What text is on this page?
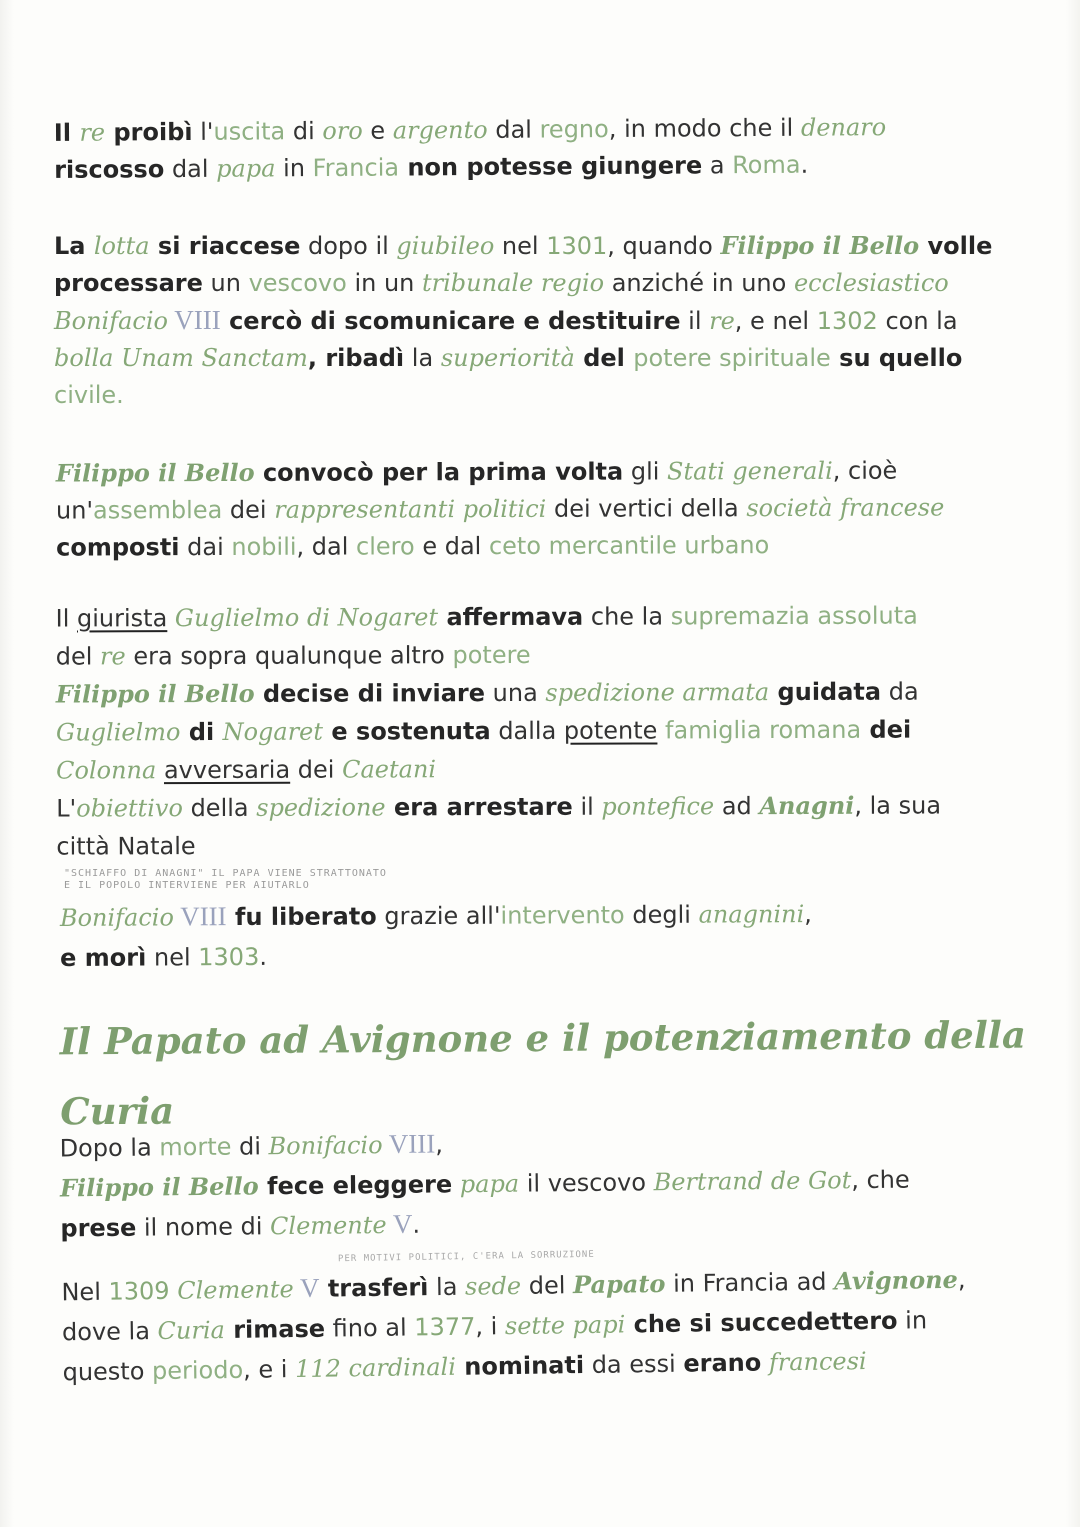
Il re proibì l'uscita di oro e argento dal regno, in modo che il denaro
riscosso dal papa in Francia non potesse giungere a Roma.
La lotta si riaccese dopo il giubileo nel 1301, quando Filippo il Bello volle
processare un vescovo in un tribunale regio anziché in uno ecclesiastico
Bonifacio VIII cercò di scomunicare e destituire il re, e nel 1302 con la
bolla Unam Sanctam, ribadì la superiorità del potere spirituale su quello
civile.
Filippo il Bello convocò per la prima volta gli Stati generali, cioè
un'assemblea dei rappresentanti politici dei vertici della società francese
composti dai nobili, dal clero e dal ceto mercantile urbano
Il giurista Guglielmo di Nogaret affermava che la supremazia assoluta
del re era sopra qualunque altro potere
Filippo il Bello decise di inviare una spedizione armata guidata da
Guglielmo di Nogaret e sostenuta dalla potente famiglia romana dei
Colonna avversaria dei Caetani
L'obiettivo della spedizione era arrestare il pontefice ad Anagni, la sua
città Natale
"SCHIAFFO DI ANAGNI" IL PAPA VIENE STRATTONATO
E IL POPOLO INTERVIENE PER AIUTARLO
Bonifacio VIII fu liberato grazie all'intervento degli anagnini,
e morì nel 1303.
Il Papato ad Avignone e il potenziamento della
Curia
Dopo la morte di Bonifacio VIII,
Filippo il Bello fece eleggere papa il vescovo Bertrand de Got, che
prese il nome di Clemente V.
PER MOTIVI POLITICI, C'ERA LA SORRUZIONE
Nel 1309 Clemente V trasferì la sede del Papato in Francia ad Avignone,
dove la Curia rimase fino al 1377, i sette papi che si succedettero in
questo periodo, e i 112 cardinali nominati da essi erano francesi
